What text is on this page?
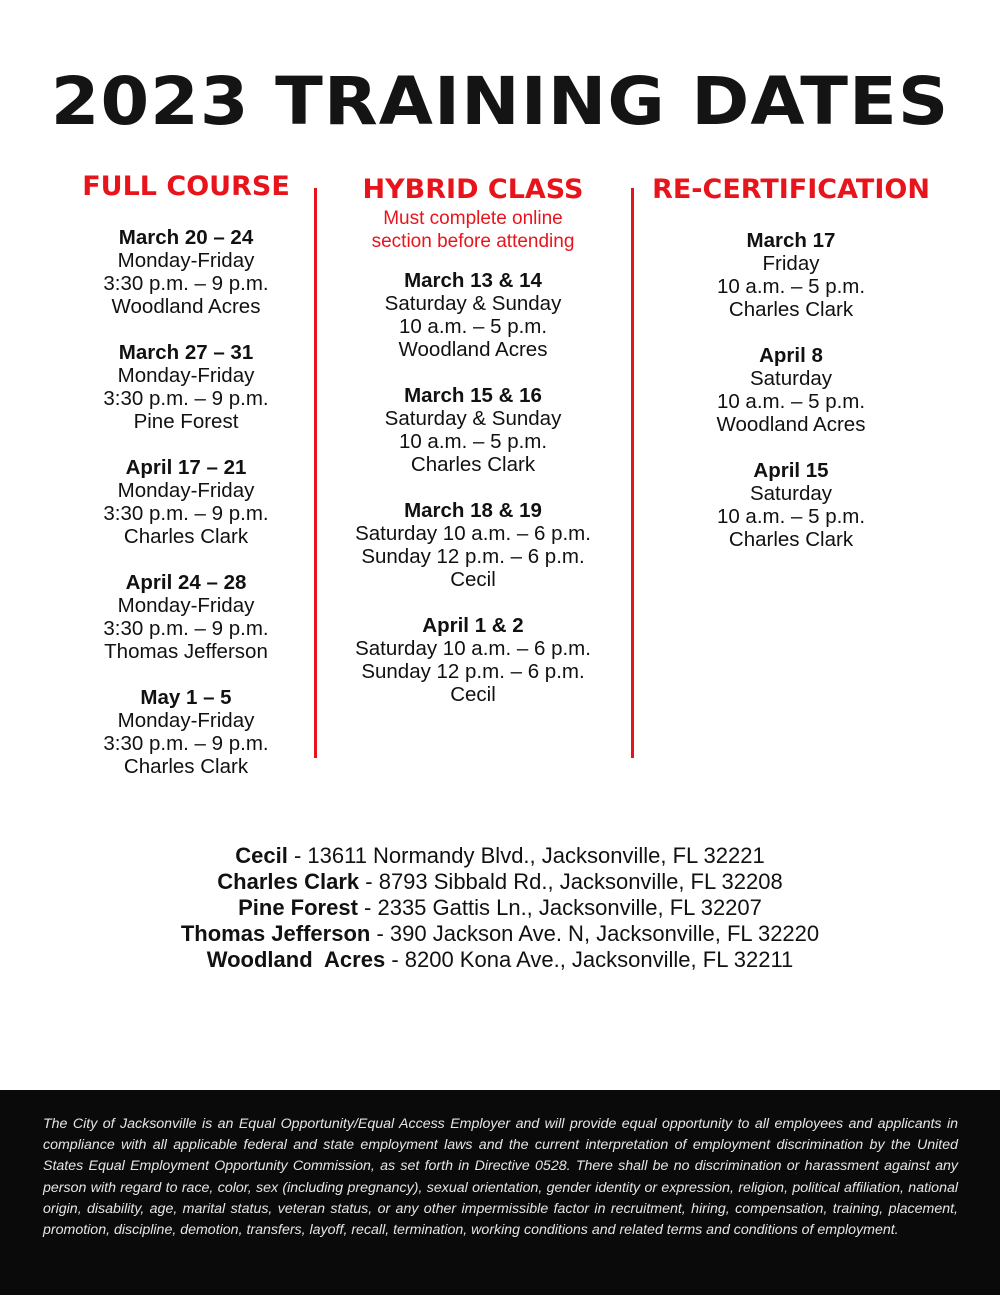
2023 TRAINING DATES
FULL COURSE
March 20 – 24
Monday-Friday
3:30 p.m. – 9 p.m.
Woodland Acres
March 27 – 31
Monday-Friday
3:30 p.m. – 9 p.m.
Pine Forest
April 17 – 21
Monday-Friday
3:30 p.m. – 9 p.m.
Charles Clark
April 24 – 28
Monday-Friday
3:30 p.m. – 9 p.m.
Thomas Jefferson
May 1 – 5
Monday-Friday
3:30 p.m. – 9 p.m.
Charles Clark
HYBRID CLASS
Must complete online
section before attending
March 13 & 14
Saturday & Sunday
10 a.m. – 5 p.m.
Woodland Acres
March 15 & 16
Saturday & Sunday
10 a.m. – 5 p.m.
Charles Clark
March 18 & 19
Saturday 10 a.m. – 6 p.m.
Sunday 12 p.m. – 6 p.m.
Cecil
April 1 & 2
Saturday 10 a.m. – 6 p.m.
Sunday 12 p.m. – 6 p.m.
Cecil
RE-CERTIFICATION
March 17
Friday
10 a.m. – 5 p.m.
Charles Clark
April 8
Saturday
10 a.m. – 5 p.m.
Woodland Acres
April 15
Saturday
10 a.m. – 5 p.m.
Charles Clark
Cecil - 13611 Normandy Blvd., Jacksonville, FL 32221
Charles Clark - 8793 Sibbald Rd., Jacksonville, FL 32208
Pine Forest - 2335 Gattis Ln., Jacksonville, FL 32207
Thomas Jefferson - 390 Jackson Ave. N, Jacksonville, FL 32220
Woodland  Acres - 8200 Kona Ave., Jacksonville, FL 32211

The City of Jacksonville is an Equal Opportunity/Equal Access Employer and will provide equal opportunity to all employees and applicants in compliance with all applicable federal and state employment laws and the current interpretation of employment discrimination by the United States Equal Employment Opportunity Commission, as set forth in Directive 0528. There shall be no discrimination or harassment against any person with regard to race, color, sex (including pregnancy), sexual orientation, gender identity or expression, religion, political affiliation, national origin, disability, age, marital status, veteran status, or any other impermissible factor in recruitment, hiring, compensation, training, placement, promotion, discipline, demotion, transfers, layoff, recall, termination, working conditions and related terms and conditions of employment.
